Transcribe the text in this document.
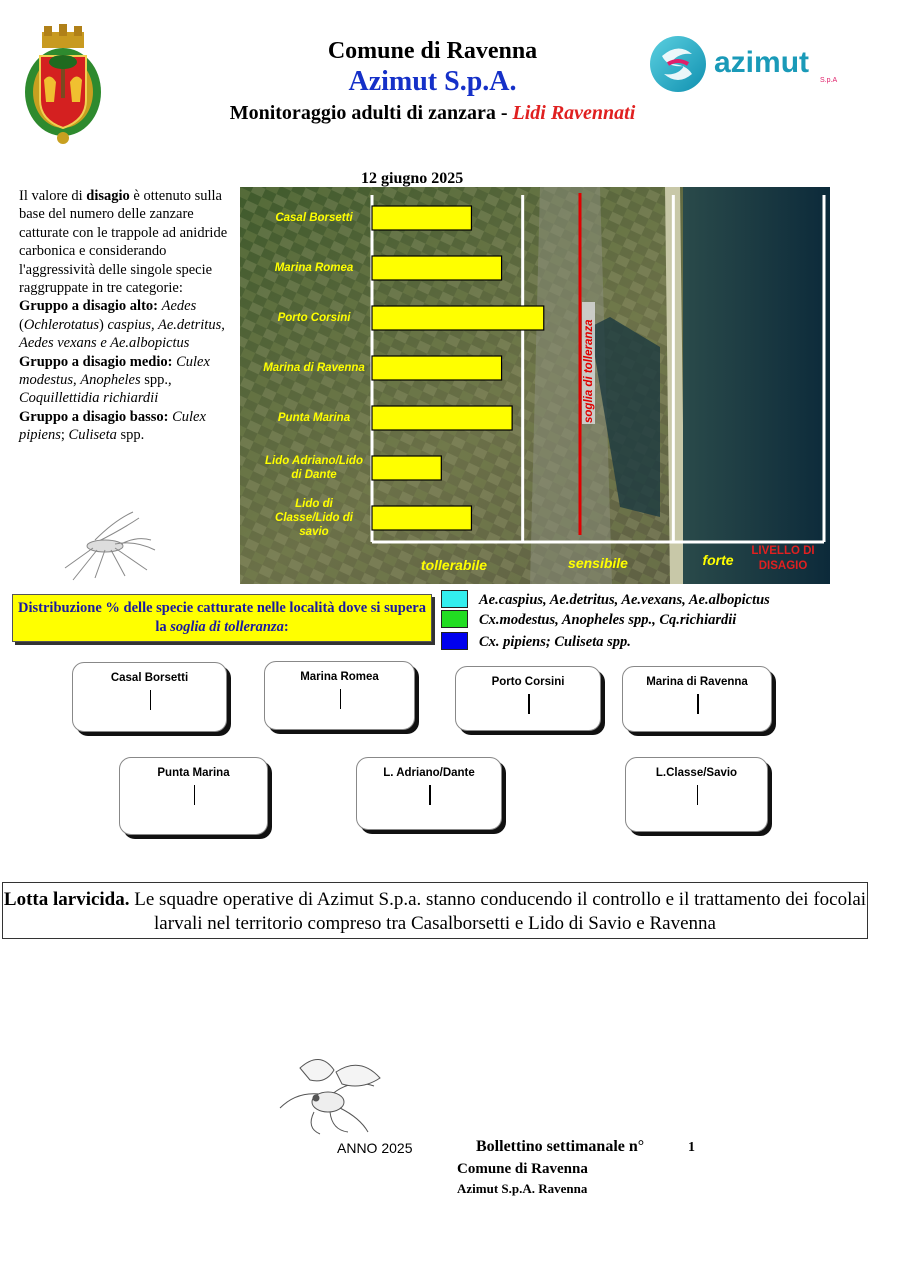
azimut
S.p.A
Comune di Ravenna
Azimut S.p.A.
Monitoraggio adulti di zanzara - Lidi Ravennati
Il valore di disagio è ottenuto sulla base del numero delle zanzare catturate con le trappole ad anidride carbonica e considerando l'aggressività delle singole specie raggruppate in tre categorie:
Gruppo a disagio alto: Aedes (Ochlerotatus) caspius, Ae.detritus, Aedes vexans e Ae.albopictus
Gruppo a disagio medio: Culex modestus, Anopheles spp., Coquillettidia richiardii
Gruppo a disagio basso: Culex pipiens; Culiseta spp.
12 giugno 2025
Casal Borsetti
Marina Romea
Porto Corsini
Marina di Ravenna
Punta Marina
Lido Adriano/Lido di Dante
Lido di Classe/Lido di savio
soglia di tolleranza
tollerabile	sensibile	forte
LIVELLO DI DISAGIO
Distribuzione % delle specie catturate nelle località dove si supera la soglia di tolleranza:
Ae.caspius, Ae.detritus, Ae.vexans, Ae.albopictus
Cx.modestus, Anopheles spp., Cq.richiardii
Cx. pipiens; Culiseta spp.
Casal Borsetti	Marina Romea	Porto Corsini	Marina di Ravenna
Punta Marina	L. Adriano/Dante	L.Classe/Savio
Lotta larvicida. Le squadre operative di Azimut S.p.a. stanno conducendo il controllo e il trattamento dei focolai larvali nel territorio compreso tra Casalborsetti e Lido di Savio e Ravenna
ANNO 2025	Bollettino settimanale n°	1
Comune di Ravenna
Azimut S.p.A. Ravenna
